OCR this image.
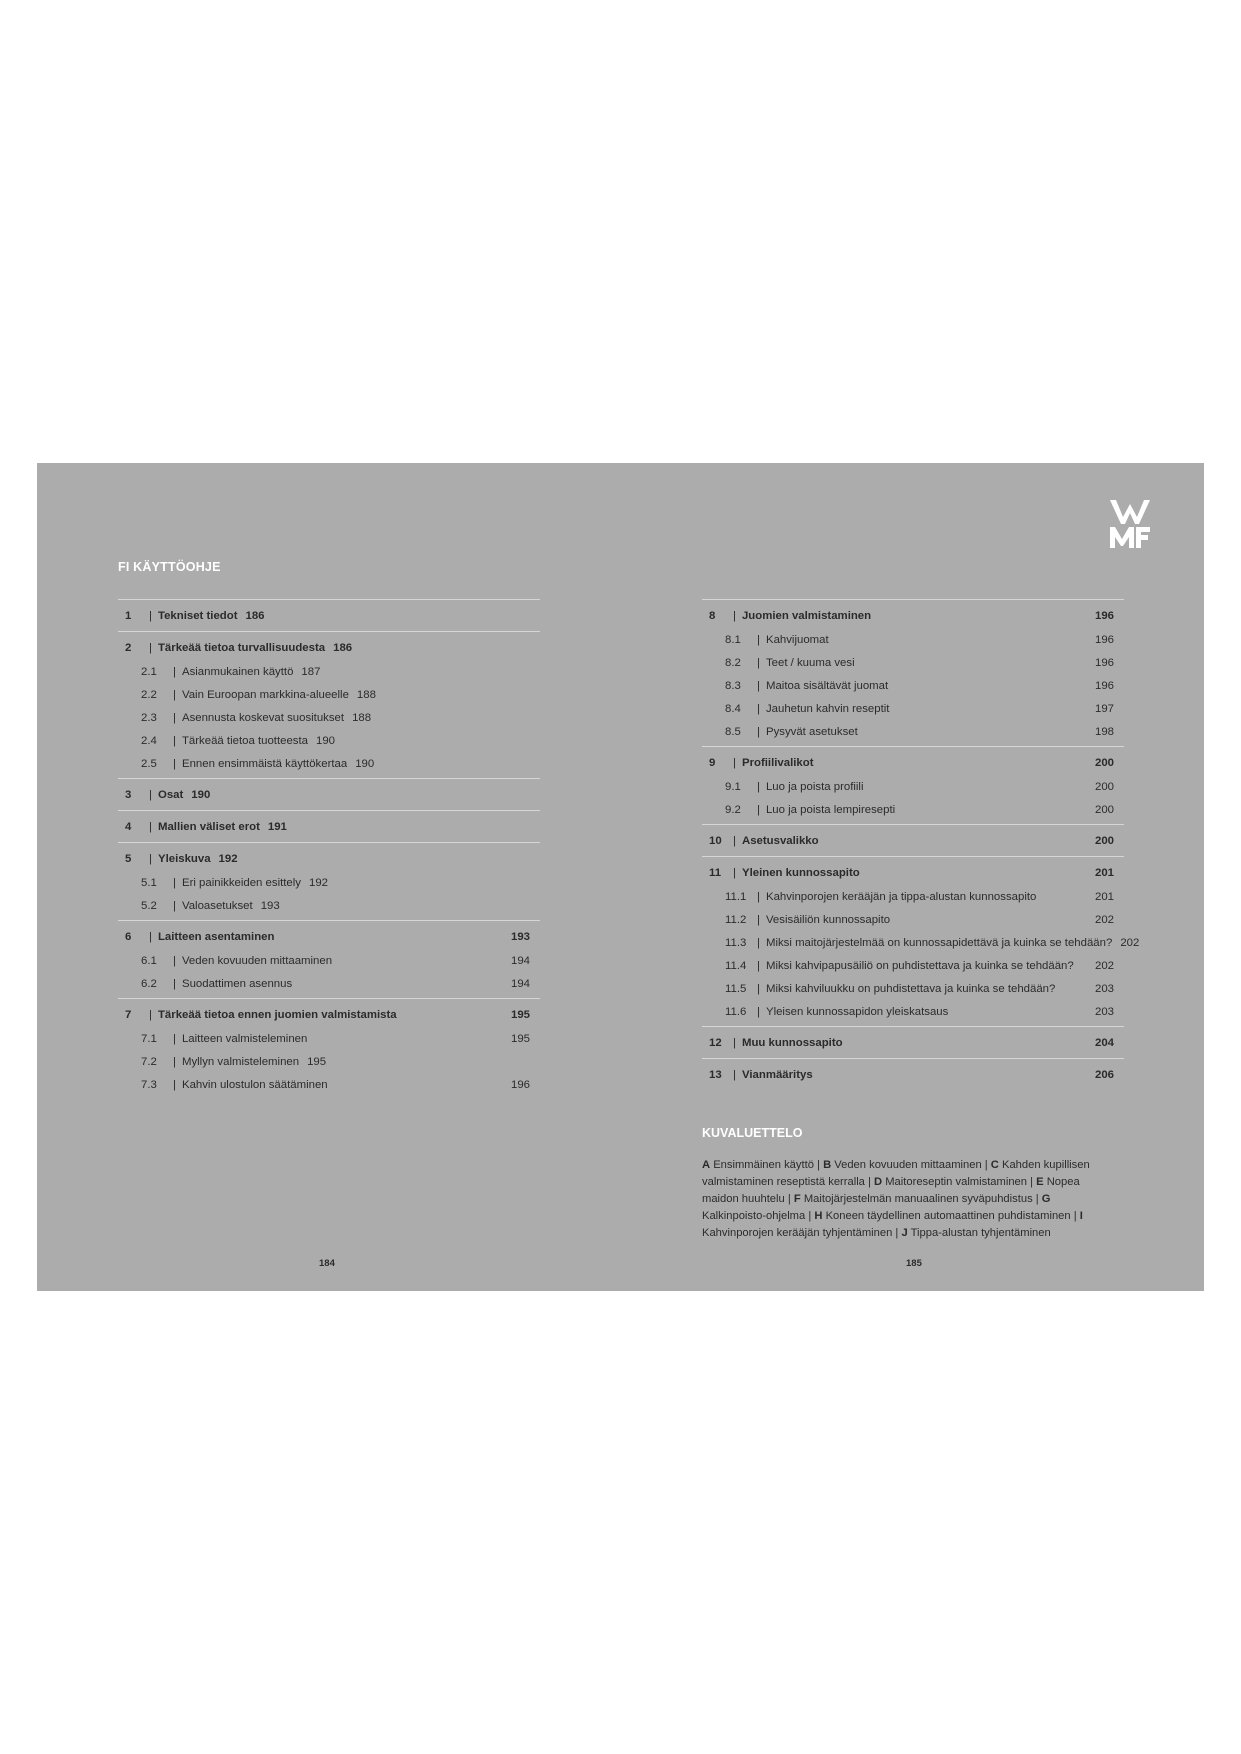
FI KÄYTTÖOHJE
1 | Tekniset tiedot 186
2 | Tärkeää tietoa turvallisuudesta 186
2.1 | Asianmukainen käyttö 187
2.2 | Vain Euroopan markkina-alueelle 188
2.3 | Asennusta koskevat suositukset 188
2.4 | Tärkeää tietoa tuotteesta 190
2.5 | Ennen ensimmäistä käyttökertaa 190
3 | Osat 190
4 | Mallien väliset erot 191
5 | Yleiskuva 192
5.1 | Eri painikkeiden esittely 192
5.2 | Valoasetukset 193
6 | Laitteen asentaminen	193
6.1 | Veden kovuuden mittaaminen	194
6.2 | Suodattimen asennus	194
7 | Tärkeää tietoa ennen juomien valmistamista	195
7.1 | Laitteen valmisteleminen	195
7.2 | Myllyn valmisteleminen 195
7.3 | Kahvin ulostulon säätäminen	196
8 | Juomien valmistaminen	196
8.1 | Kahvijuomat	196
8.2 | Teet / kuuma vesi	196
8.3 | Maitoa sisältävät juomat	196
8.4 | Jauhetun kahvin reseptit	197
8.5 | Pysyvät asetukset	198
9 | Profiilivalikot	200
9.1 | Luo ja poista profiili	200
9.2 | Luo ja poista lempiresepti	200
10 | Asetusvalikko	200
11 | Yleinen kunnossapito	201
11.1 | Kahvinporojen kerääjän ja tippa-alustan kunnossapito	201
11.2 | Vesisäiliön kunnossapito	202
11.3 | Miksi maitojärjestelmää on kunnossapidettävä ja kuinka se tehdään? 202
11.4 | Miksi kahvipapusäiliö on puhdistettava ja kuinka se tehdään? 202
11.5 | Miksi kahviluukku on puhdistettava ja kuinka se tehdään?	203
11.6 | Yleisen kunnossapidon yleiskatsaus	203
12 | Muu kunnossapito	204
13 | Vianmääritys	206
KUVALUETTELO
A Ensimmäinen käyttö | B Veden kovuuden mittaaminen | C Kahden kupillisen valmistaminen reseptistä kerralla | D Maitoreseptin valmistaminen | E Nopea maidon huuhtelu | F Maitojärjestelmän manuaalinen syväpuhdistus | G Kalkinpoisto-ohjelma | H Koneen täydellinen automaattinen puhdistaminen | I Kahvinporojen kerääjän tyhjentäminen | J Tippa-alustan tyhjentäminen
184	185
